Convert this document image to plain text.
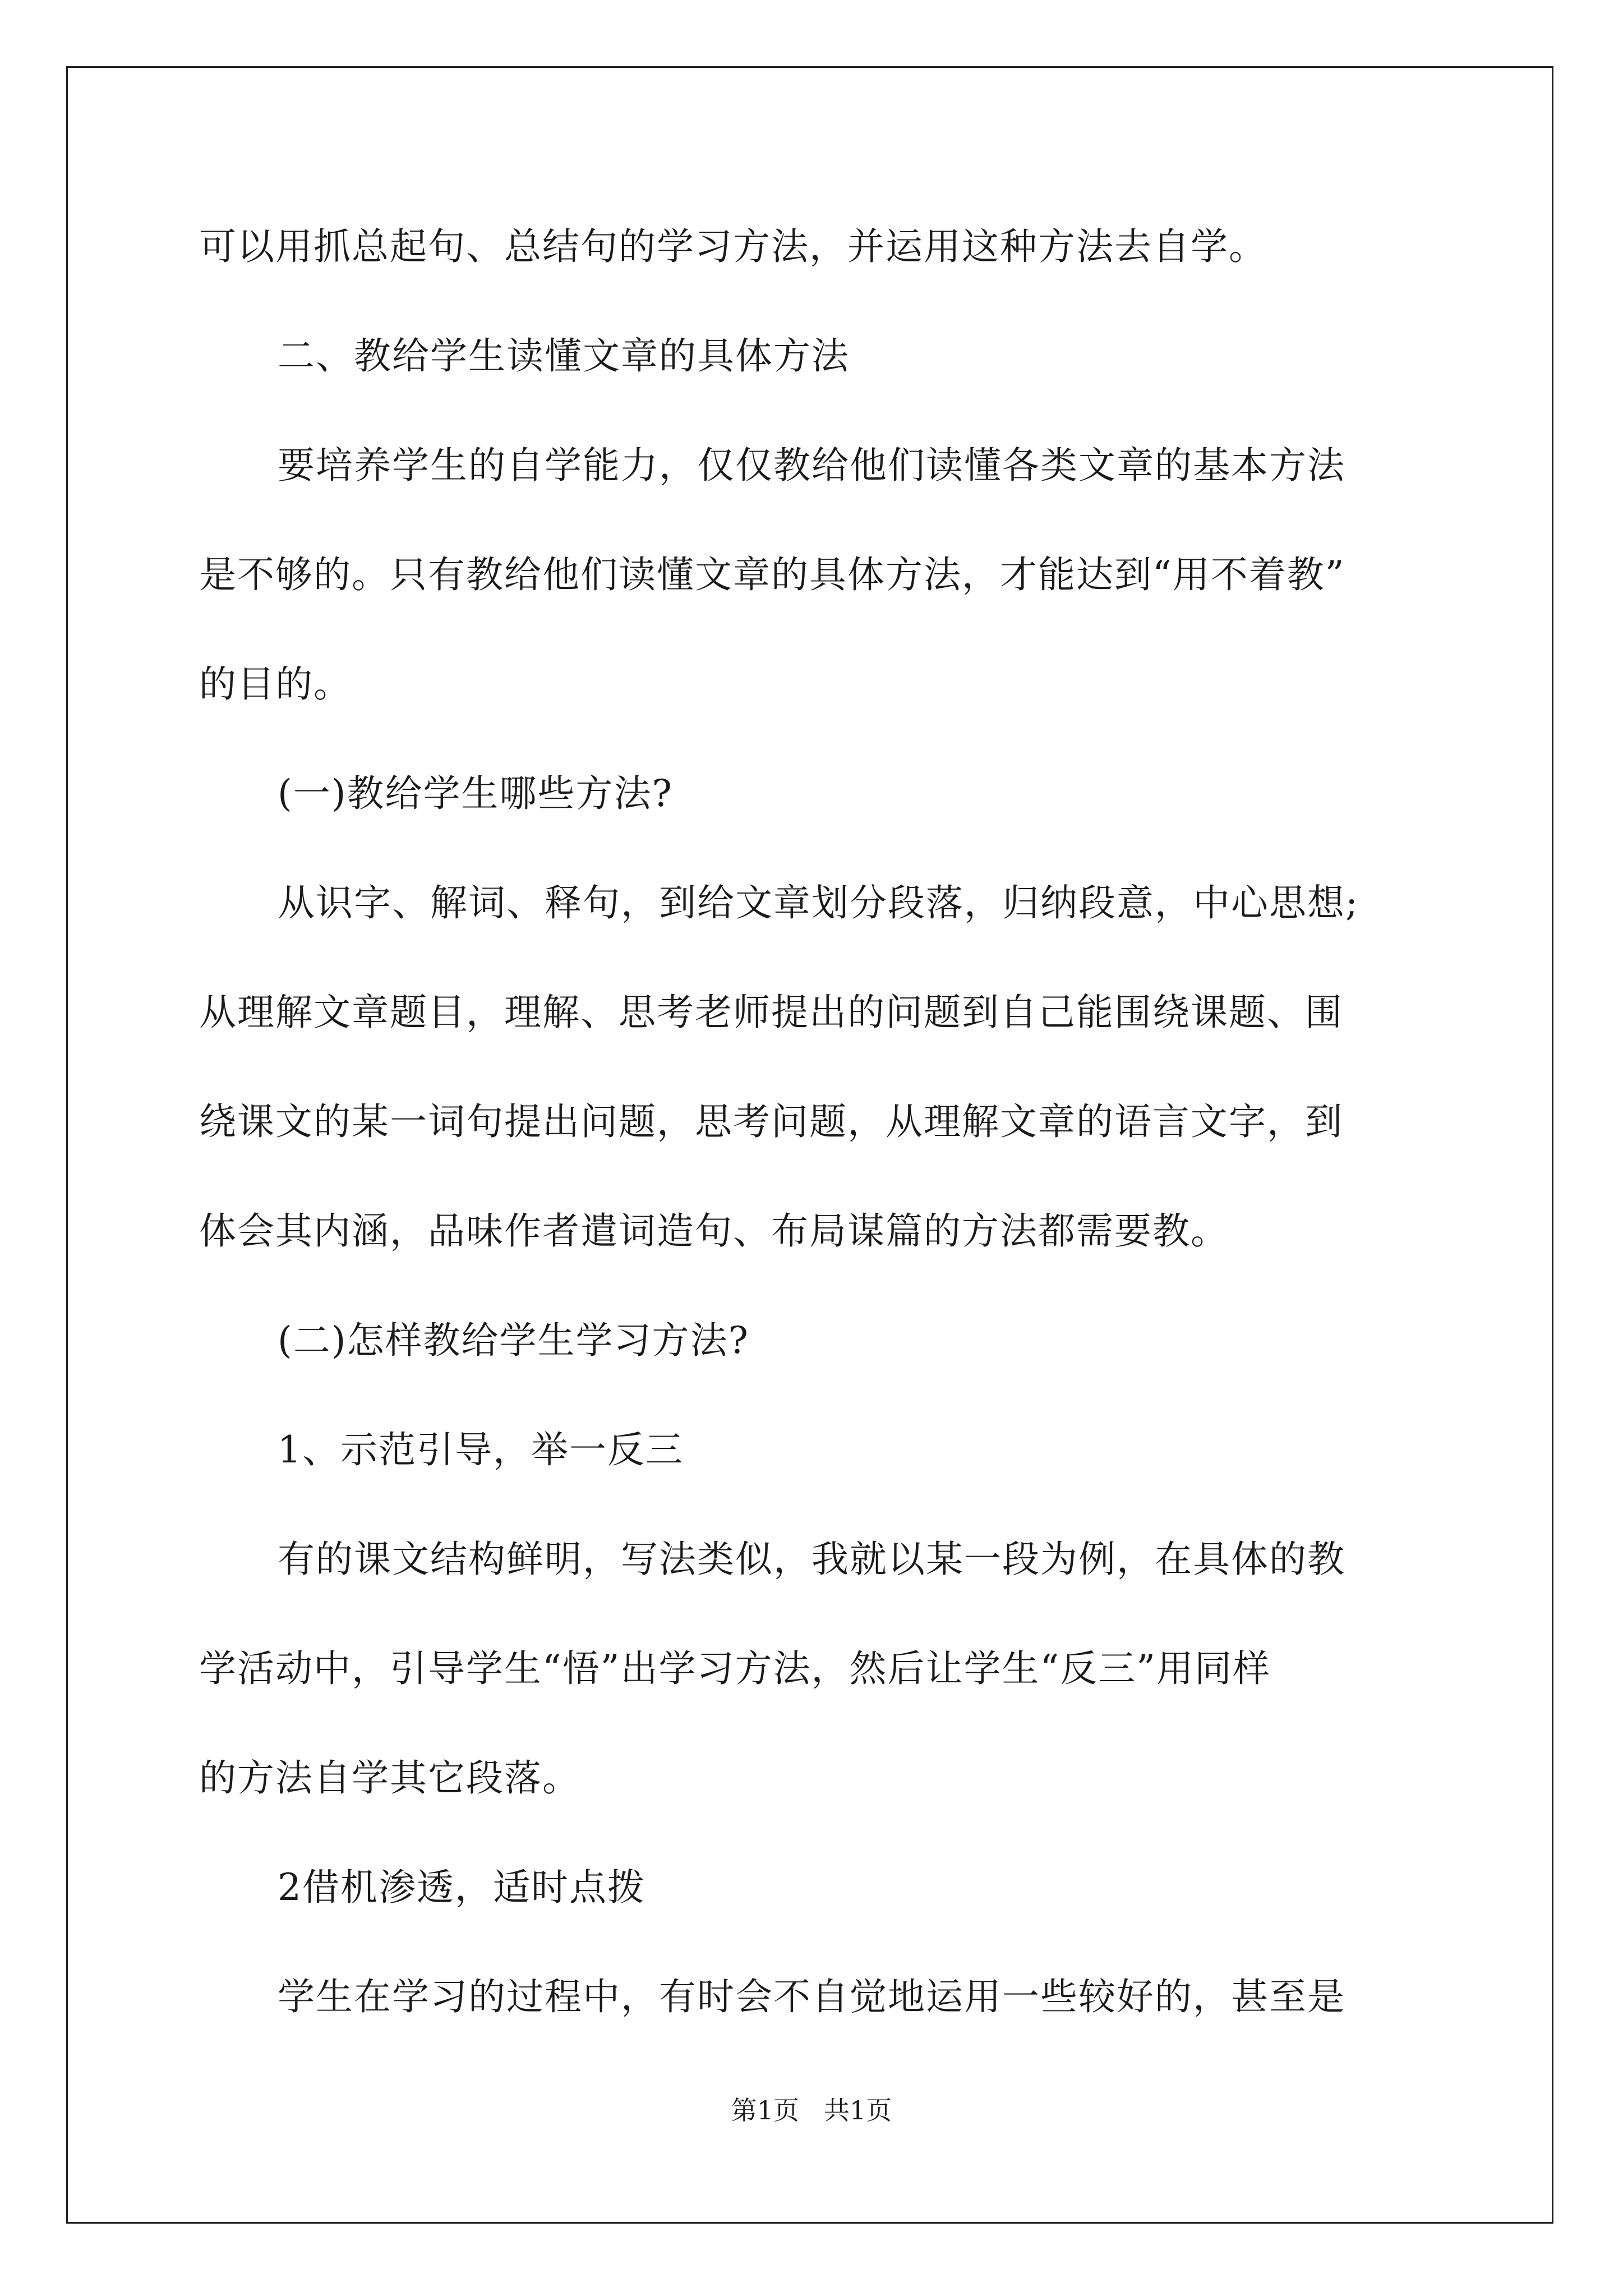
可以用抓总起句、总结句的学习方法，并运用这种方法去自学。

二、教给学生读懂文章的具体方法

要培养学生的自学能力，仅仅教给他们读懂各类文章的基本方法

是不够的。只有教给他们读懂文章的具体方法，才能达到“用不着教”

的目的。

(一)教给学生哪些方法?

从识字、解词、释句，到给文章划分段落，归纳段意，中心思想;

从理解文章题目，理解、思考老师提出的问题到自己能围绕课题、围

绕课文的某一词句提出问题，思考问题，从理解文章的语言文字，到

体会其内涵，品味作者遣词造句、布局谋篇的方法都需要教。

(二)怎样教给学生学习方法?

1、示范引导，举一反三

有的课文结构鲜明，写法类似，我就以某一段为例，在具体的教

学活动中，引导学生“悟”出学习方法，然后让学生“反三”用同样

的方法自学其它段落。

2借机渗透，适时点拨

学生在学习的过程中，有时会不自觉地运用一些较好的，甚至是

第1页 共1页
